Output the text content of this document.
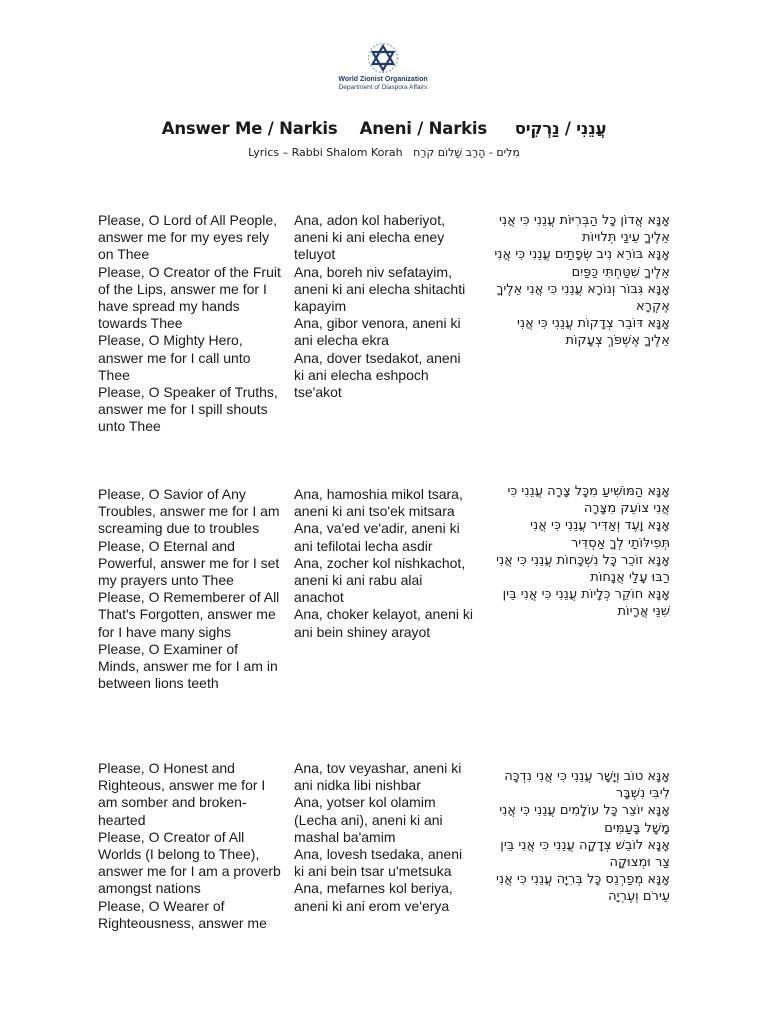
World Zionist Organization
Department of Diaspora Affairs
Answer Me / Narkis    Aneni / Narkis     עֲנֵנִי / נַרְקִיס
Lyrics – Rabbi Shalom Korah   מִלִים - הָרַב שָׁלוֹם קֹרַח
Please, O Lord of All People, answer me for my eyes rely on Thee
Please, O Creator of the Fruit of the Lips, answer me for I have spread my hands towards Thee
Please, O Mighty Hero, answer me for I call unto Thee
Please, O Speaker of Truths, answer me for I spill shouts unto Thee
Ana, adon kol haberiyot, aneni ki ani elecha eney teluyot
Ana, boreh niv sefatayim, aneni ki ani elecha shitachti kapayim
Ana, gibor venora, aneni ki ani elecha ekra
Ana, dover tsedakot, aneni ki ani elecha eshpoch tse'akot
אָנָּא אֲדוֹן כָּל הַבְּרִיּוֹת עֲנֵנִי כִּי אֲנִי אֵלֶיךָ עֵינַי תְּלוּיוֹת
אָנָּא בּוֹרֵא נִיב שְׂפָתַיִם עֲנֵנִי כִּי אֲנִי אֵלֶיךָ שִׁטַּחְתִּי כַּפַּיִם
אָנָּא גִּבּוֹר וְנוֹרָא עֲנֵנִי כִּי אֲנִי אֵלֶיךָ אֶקְרָא
אָנָּא דּוֹבֵר צְדָקוֹת עֲנֵנִי כִּי אֲנִי אֵלֶיךָ אֶשְׁפֹּךְ צְעָקוֹת
Please, O Savior of Any Troubles, answer me for I am screaming due to troubles
Please, O Eternal and Powerful, answer me for I set my prayers unto Thee
Please, O Rememberer of All That's Forgotten, answer me for I have many sighs
Please, O Examiner of Minds, answer me for I am in between lions teeth
Ana, hamoshia mikol tsara, aneni ki ani tso'ek mitsara
Ana, va'ed ve'adir, aneni ki ani tefilotai lecha asdir
Ana, zocher kol nishkachot, aneni ki ani rabu alai anachot
Ana, choker kelayot, aneni ki ani bein shiney arayot
אָנָּא הַמּוֹשִׁיעַ מִכָּל צָרָה עֲנֵנִי כִּי אֲנִי צוֹעֵק מִצָּרָה
אָנָּא וָעֶד וְאַדִּיר עֲנֵנִי כִּי אֲנִי תְּפִילּוֹתַי לְךָ אַסְדִּיר
אָנָּא זוֹכֵר כָּל נִשְׁכָּחוֹת עֲנֵנִי כִּי אֲנִי רַבּוּ עָלַי אֲנָחוֹת
אָנָּא חוֹקֵר כְּלָיוֹת עֲנֵנִי כִּי אֲנִי בֵּין שִׁנֵּי אֲרָיוֹת
Please, O Honest and Righteous, answer me for I am somber and broken-hearted
Please, O Creator of All Worlds (I belong to Thee), answer me for I am a proverb amongst nations
Please, O Wearer of Righteousness, answer me
Ana, tov veyashar, aneni ki ani nidka libi nishbar
Ana, yotser kol olamim (Lecha ani), aneni ki ani mashal ba'amim
Ana, lovesh tsedaka, aneni ki ani bein tsar u'metsuka
Ana, mefarnes kol beriya, aneni ki ani erom ve'erya
אָנָּא טוֹב וְיָשָׁר עֲנֵנִי כִּי אֲנִי נִדְכָּה לִיבִּי נִשְׁבָּר
אָנָּא יוֹצֵר כָּל עוֹלָמִים עֲנֵנִי כִּי אֲנִי מָשָׁל בָּעַמִּים
אָנָּא לוֹבֵשׁ צְדָקָה עֲנֵנִי כִּי אֲנִי בֵּין צַר וּמְצוּקָה
אָנָּא מְפַרְנֵס כָּל בְּרִיָּה עֲנֵנִי כִּי אֲנִי עֵירֹם וְעֶרְיָה
